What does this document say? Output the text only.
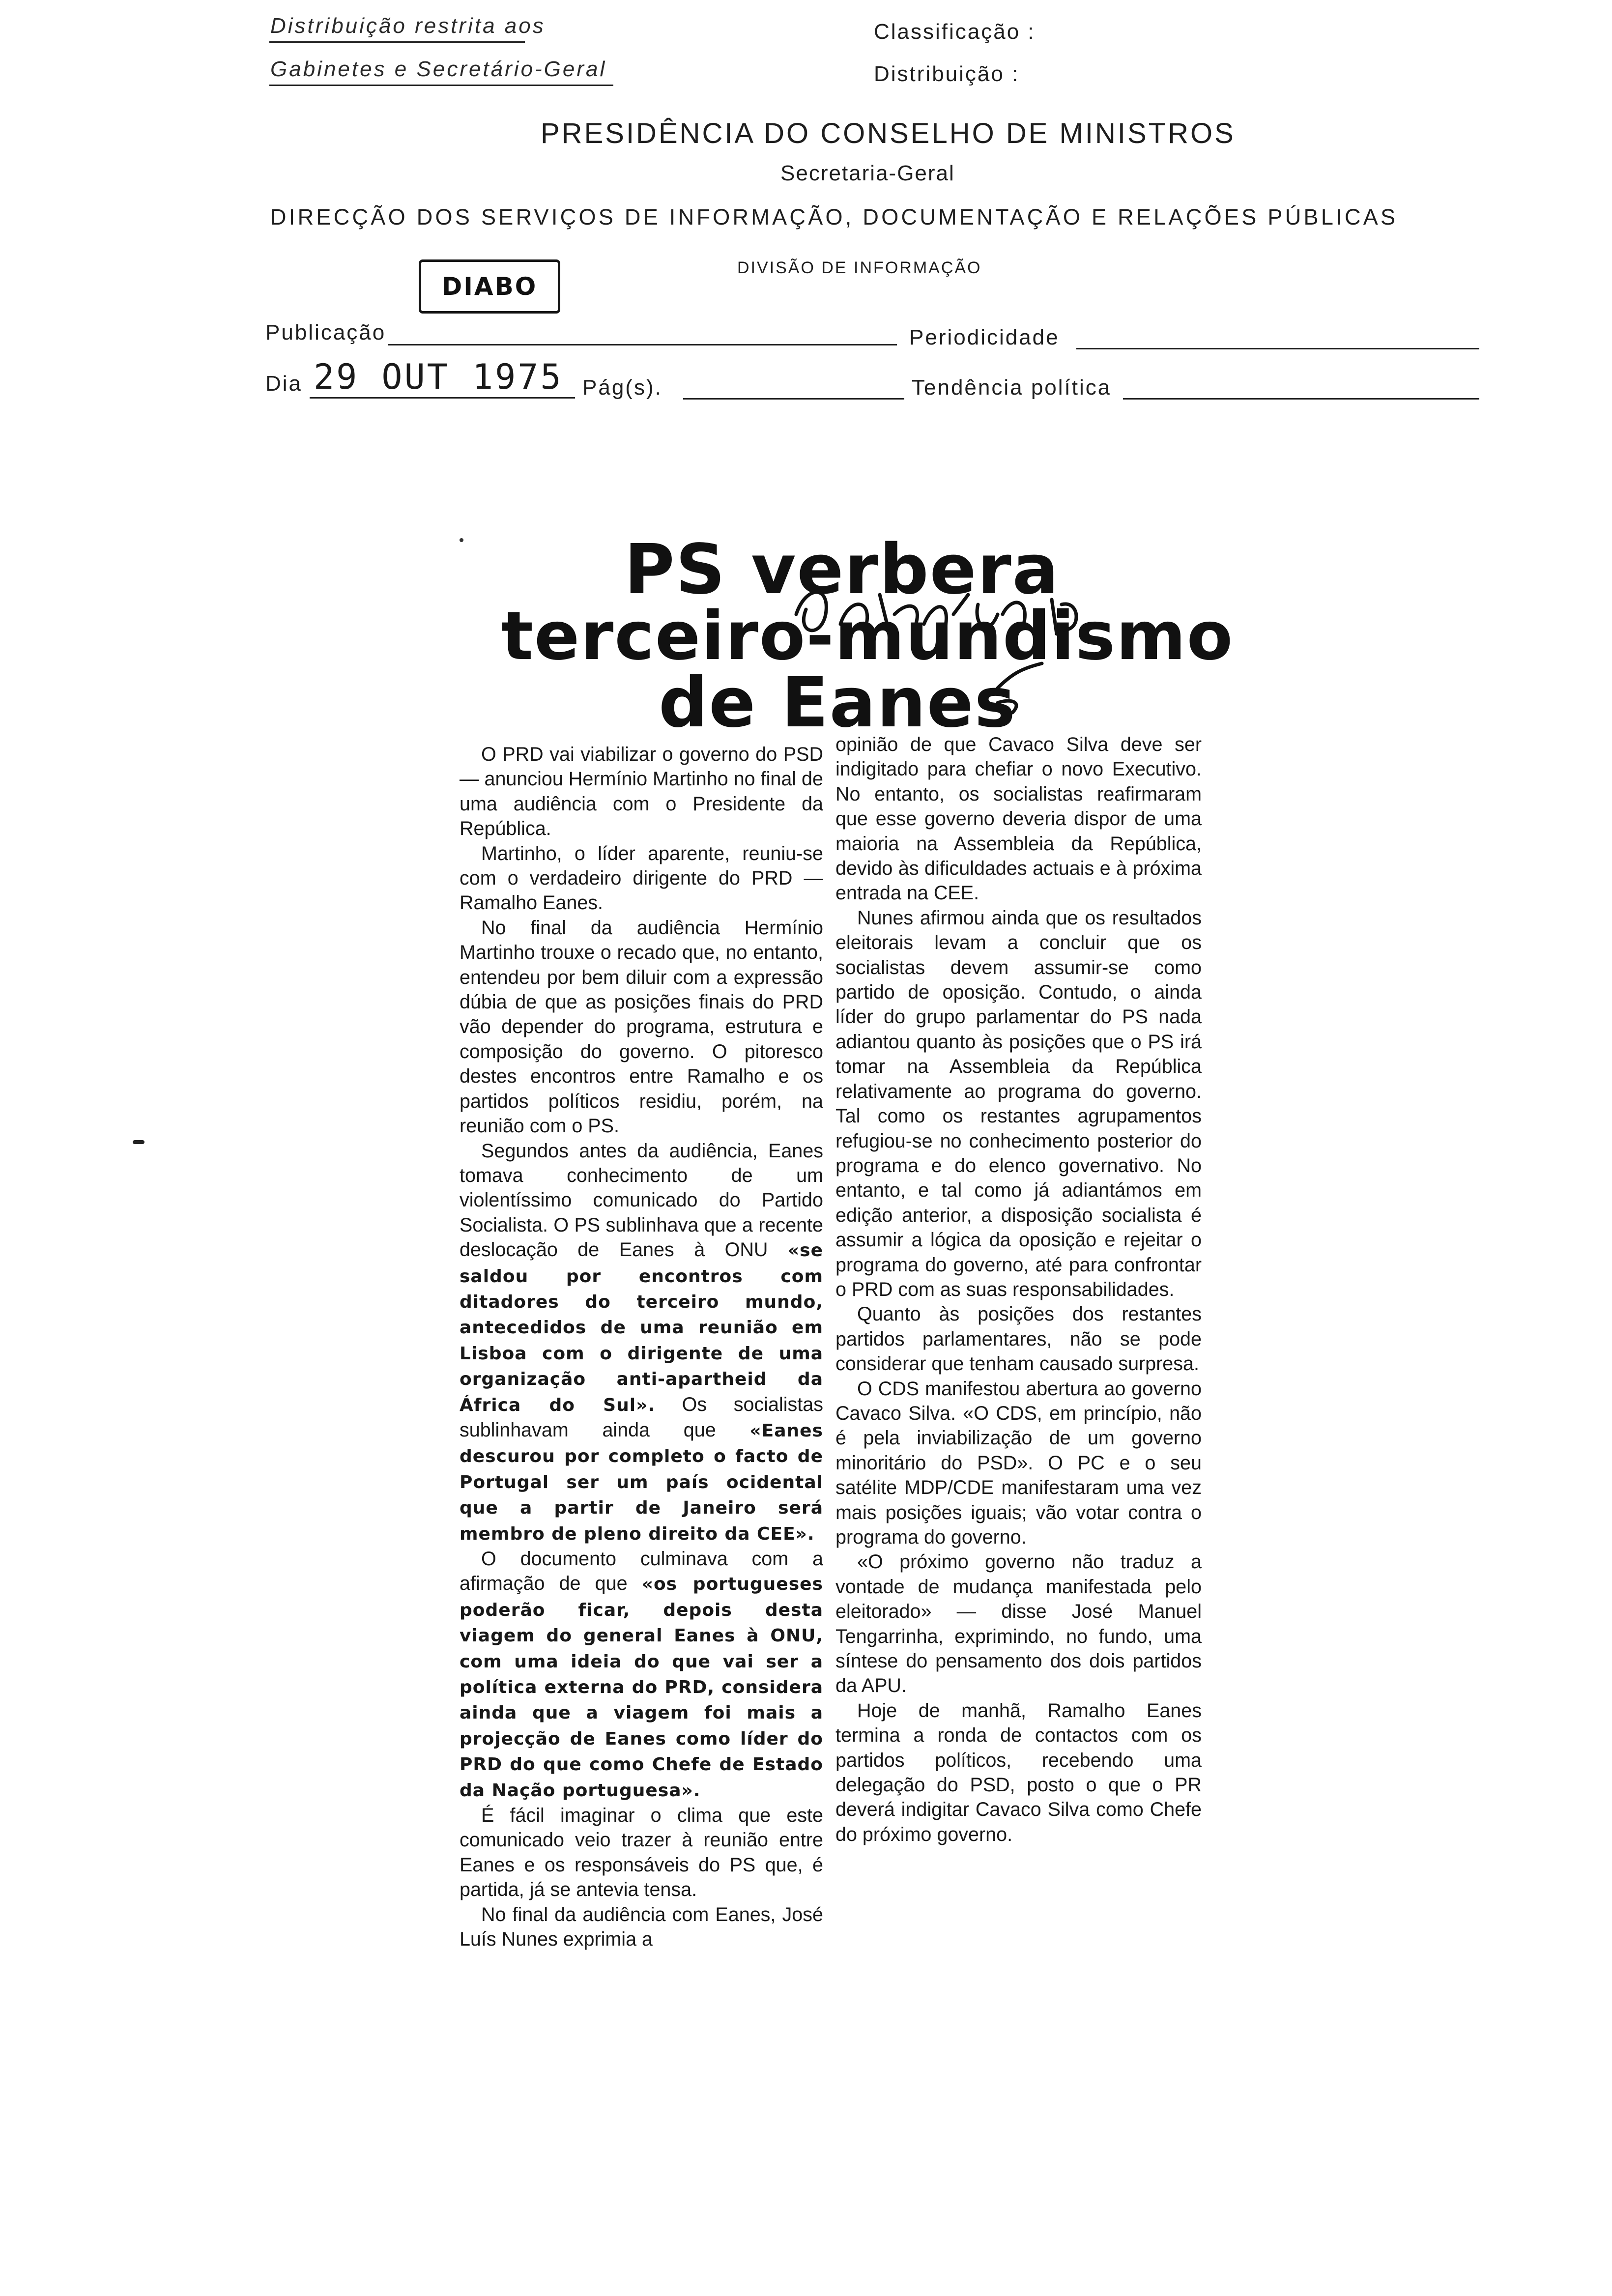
Distribuição restrita aos
Gabinetes e Secretário-Geral
Classificação :
Distribuição :
PRESIDÊNCIA DO CONSELHO DE MINISTROS
Secretaria-Geral
DIRECÇÃO DOS SERVIÇOS DE INFORMAÇÃO, DOCUMENTAÇÃO E RELAÇÕES PÚBLICAS
DIVISÃO DE INFORMAÇÃO
DIABO
Publicação	Periodicidade
Dia 29 OUT 1975 Pág(s).	Tendência política
PS verbera
terceiro-mundismo
de Eanes

O PRD vai viabilizar o governo do PSD — anunciou Hermínio Martinho no final de uma audiência com o Presidente da República.

Martinho, o líder aparente, reuniu-se com o verdadeiro dirigente do PRD — Ramalho Eanes.

No final da audiência Hermínio Martinho trouxe o recado que, no entanto, entendeu por bem diluir com a expressão dúbia de que as posições finais do PRD vão depender do programa, estrutura e composição do governo. O pitoresco destes encontros entre Ramalho e os partidos políticos residiu, porém, na reunião com o PS.

Segundos antes da audiência, Eanes tomava conhecimento de um violentíssimo comunicado do Partido Socialista. O PS sublinhava que a recente deslocação de Eanes à ONU «se saldou por encontros com ditadores do terceiro mundo, antecedidos de uma reunião em Lisboa com o dirigente de uma organização anti-apartheid da África do Sul». Os socialistas sublinhavam ainda que «Eanes descurou por completo o facto de Portugal ser um país ocidental que a partir de Janeiro será membro de pleno direito da CEE».

O documento culminava com a afirmação de que «os portugueses poderão ficar, depois desta viagem do general Eanes à ONU, com uma ideia do que vai ser a política externa do PRD, considera ainda que a viagem foi mais a projecção de Eanes como líder do PRD do que como Chefe de Estado da Nação portuguesa».

É fácil imaginar o clima que este comunicado veio trazer à reunião entre Eanes e os responsáveis do PS que, é partida, já se antevia tensa.

No final da audiência com Eanes, José Luís Nunes exprimia a

opinião de que Cavaco Silva deve ser indigitado para chefiar o novo Executivo. No entanto, os socialistas reafirmaram que esse governo deveria dispor de uma maioria na Assembleia da República, devido às dificuldades actuais e à próxima entrada na CEE.

Nunes afirmou ainda que os resultados eleitorais levam a concluir que os socialistas devem assumir-se como partido de oposição. Contudo, o ainda líder do grupo parlamentar do PS nada adiantou quanto às posições que o PS irá tomar na Assembleia da República relativamente ao programa do governo. Tal como os restantes agrupamentos refugiou-se no conhecimento posterior do programa e do elenco governativo. No entanto, e tal como já adiantámos em edição anterior, a disposição socialista é assumir a lógica da oposição e rejeitar o programa do governo, até para confrontar o PRD com as suas responsabilidades.

Quanto às posições dos restantes partidos parlamentares, não se pode considerar que tenham causado surpresa.

O CDS manifestou abertura ao governo Cavaco Silva. «O CDS, em princípio, não é pela inviabilização de um governo minoritário do PSD». O PC e o seu satélite MDP/CDE manifestaram uma vez mais posições iguais; vão votar contra o programa do governo.

«O próximo governo não traduz a vontade de mudança manifestada pelo eleitorado» — disse José Manuel Tengarrinha, exprimindo, no fundo, uma síntese do pensamento dos dois partidos da APU.

Hoje de manhã, Ramalho Eanes termina a ronda de contactos com os partidos políticos, recebendo uma delegação do PSD, posto o que o PR deverá indigitar Cavaco Silva como Chefe do próximo governo.
